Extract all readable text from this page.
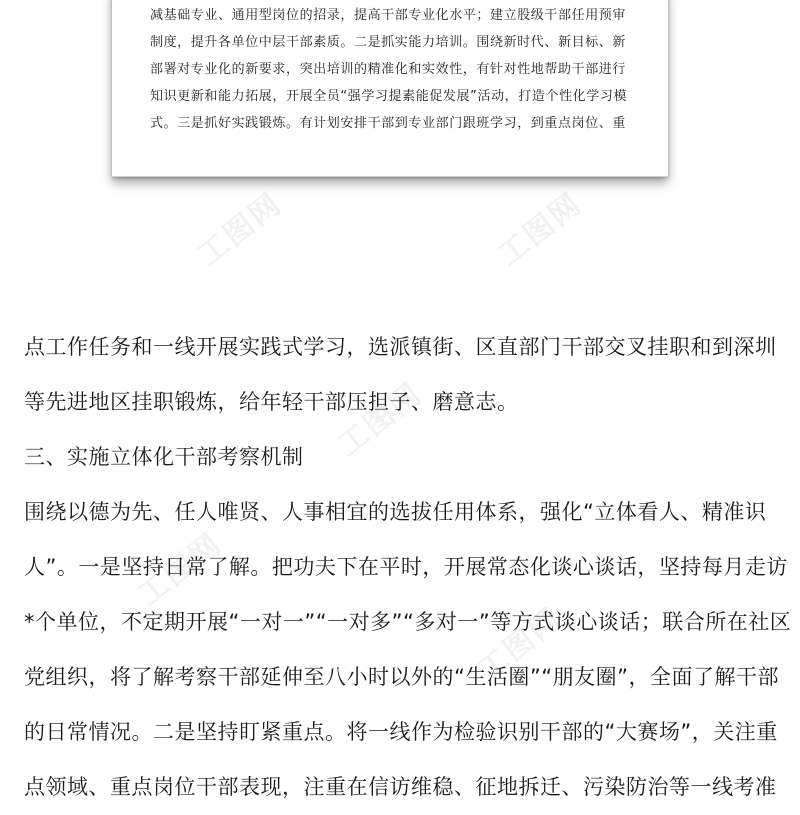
减基础专业、通用型岗位的招录，提高干部专业化水平；建立股级干部任用预审

制度，提升各单位中层干部素质。二是抓实能力培训。围绕新时代、新目标、新

部署对专业化的新要求，突出培训的精准化和实效性，有针对性地帮助干部进行

知识更新和能力拓展，开展全员“强学习提素能促发展”活动，打造个性化学习模

式。三是抓好实践锻炼。有计划安排干部到专业部门跟班学习，到重点岗位、重

工图网	工图网
工图网
工图网
工图网

点工作任务和一线开展实践式学习，选派镇街、区直部门干部交叉挂职和到深圳

等先进地区挂职锻炼，给年轻干部压担子、磨意志。

三、实施立体化干部考察机制

围绕以德为先、任人唯贤、人事相宜的选拔任用体系，强化“立体看人、精准识

人”。一是坚持日常了解。把功夫下在平时，开展常态化谈心谈话，坚持每月走访

*个单位，不定期开展“一对一”“一对多”“多对一”等方式谈心谈话；联合所在社区

党组织，将了解考察干部延伸至八小时以外的“生活圈”“朋友圈”，全面了解干部

的日常情况。二是坚持盯紧重点。将一线作为检验识别干部的“大赛场”，关注重

点领域、重点岗位干部表现，注重在信访维稳、征地拆迁、污染防治等一线考准
